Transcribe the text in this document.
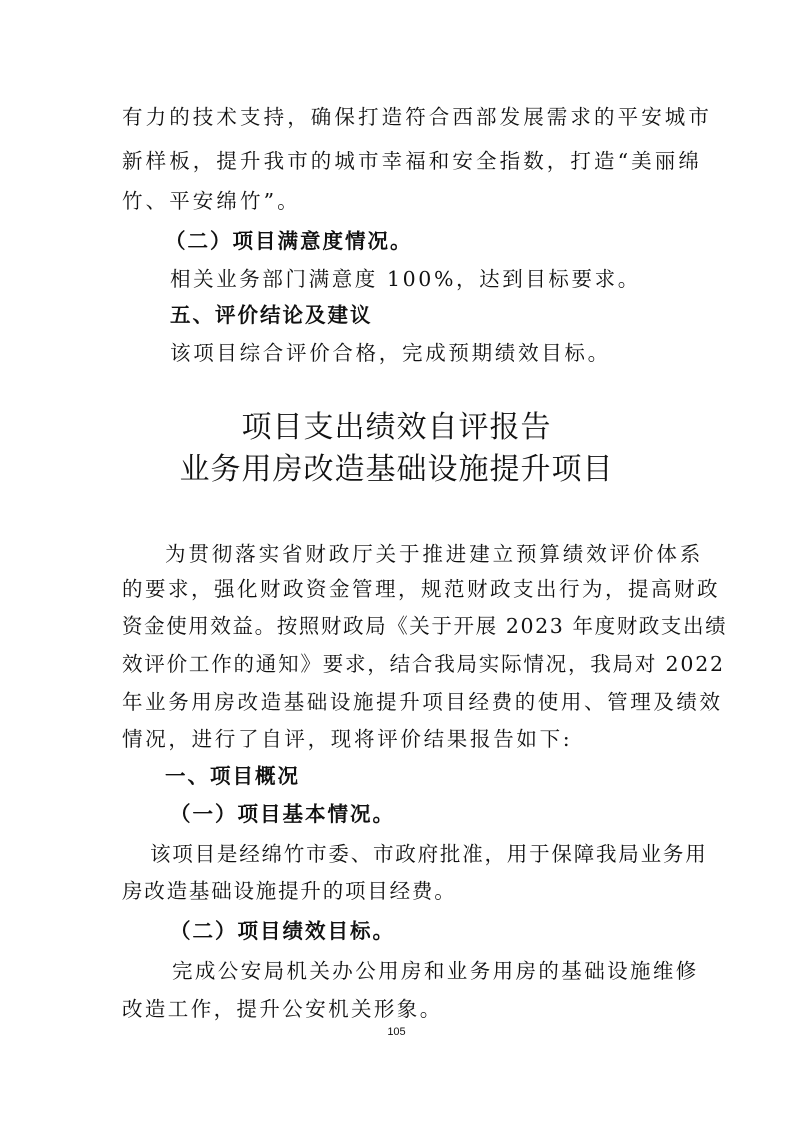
有力的技术支持，确保打造符合西部发展需求的平安城市
新样板，提升我市的城市幸福和安全指数，打造“美丽绵
竹、平安绵竹”。
（二）项目满意度情况。
相关业务部门满意度 100%，达到目标要求。
五、评价结论及建议
该项目综合评价合格，完成预期绩效目标。
项目支出绩效自评报告
业务用房改造基础设施提升项目
为贯彻落实省财政厅关于推进建立预算绩效评价体系
的要求，强化财政资金管理，规范财政支出行为，提高财政
资金使用效益。按照财政局《关于开展 2023 年度财政支出绩
效评价工作的通知》要求，结合我局实际情况，我局对 2022
年业务用房改造基础设施提升项目经费的使用、管理及绩效
情况，进行了自评，现将评价结果报告如下:
一、项目概况
（一）项目基本情况。
该项目是经绵竹市委、市政府批准，用于保障我局业务用
房改造基础设施提升的项目经费。
（二）项目绩效目标。
完成公安局机关办公用房和业务用房的基础设施维修
改造工作，提升公安机关形象。
105
